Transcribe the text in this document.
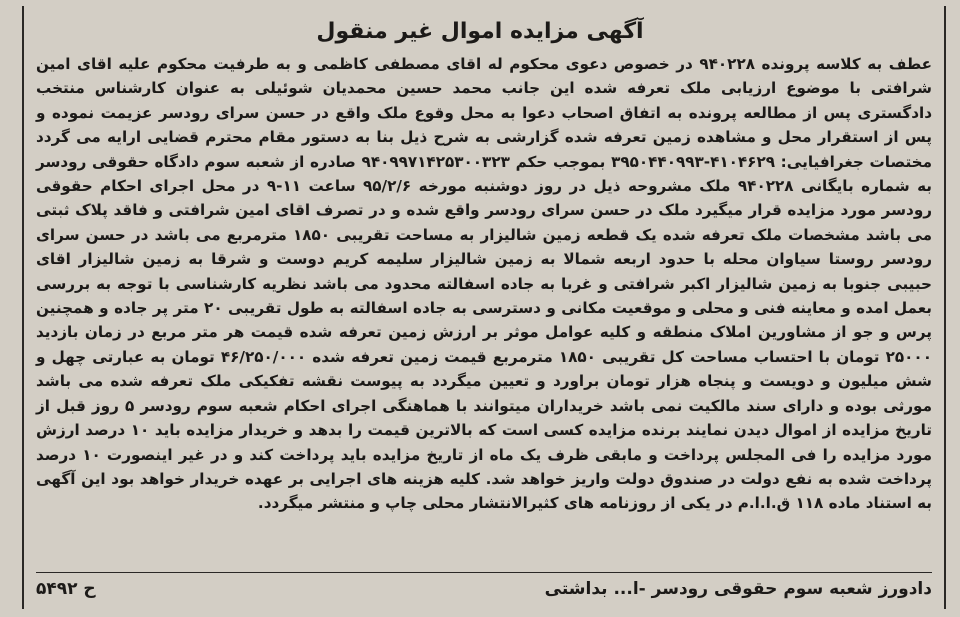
آگهی مزایده اموال غیر منقول
عطف به کلاسه پرونده ۹۴۰۲۲۸ در خصوص دعوی محکوم له اقای مصطفی کاظمی و به طرفیت محکوم علیه اقای امین شرافتی با موضوع ارزیابی ملک تعرفه شده این جانب محمد حسین محمدیان شوئیلی به عنوان کارشناس منتخب دادگستری پس از مطالعه پرونده به اتفاق اصحاب دعوا به محل وقوع ملک واقع در حسن سرای رودسر عزیمت نموده و پس از استقرار محل و مشاهده زمین تعرفه شده گزارشی به شرح ذیل بنا به دستور مقام محترم قضایی ارایه می گردد مختصات جغرافیایی: ۴۱۰۴۶۲۹-۳۹۵۰۴۴۰۹۹۳ بموجب حکم ۹۴۰۹۹۷۱۴۲۵۳۰۰۳۲۳ صادره از شعبه سوم دادگاه حقوقی رودسر به شماره بایگانی ۹۴۰۲۲۸ ملک مشروحه ذیل در روز دوشنبه مورخه ۹۵/۲/۶ ساعت ۱۱-۹ در محل اجرای احکام حقوقی رودسر مورد مزایده قرار میگیرد ملک در حسن سرای رودسر واقع شده و در تصرف اقای امین شرافتی و فاقد پلاک ثبتی می باشد مشخصات ملک تعرفه شده یک قطعه زمین شالیزار به مساحت تقریبی ۱۸۵۰ مترمربع می باشد در حسن سرای رودسر روستا سیاوان محله با حدود اربعه شمالا به زمین شالیزار سلیمه کریم دوست و شرقا به زمین شالیزار اقای حبیبی جنوبا به زمین شالیزار اکبر شرافتی و غربا به جاده اسفالته محدود می باشد نظریه کارشناسی با توجه به بررسی بعمل امده و معاینه فنی و محلی و موقعیت مکانی و دسترسی به جاده اسفالته به طول تقریبی ۲۰ متر پر جاده و همچنین پرس و جو از مشاورین املاک منطقه و کلیه عوامل موثر بر ارزش زمین تعرفه شده قیمت هر متر مربع در زمان بازدید ۲۵۰۰۰ تومان با احتساب مساحت کل تقریبی ۱۸۵۰ مترمربع قیمت زمین تعرفه شده ۴۶/۲۵۰/۰۰۰ تومان به عبارتی چهل و شش میلیون و دویست و پنجاه هزار تومان براورد و تعیین میگردد به پیوست نقشه تفکیکی ملک تعرفه شده می باشد مورثی بوده و دارای سند مالکیت نمی باشد خریداران میتوانند با هماهنگی اجرای احکام شعبه سوم رودسر ۵ روز قبل از تاریخ مزایده از اموال دیدن نمایند برنده مزایده کسی است که بالاترین قیمت را بدهد و خریدار مزایده باید ۱۰ درصد ارزش مورد مزایده را فی المجلس پرداخت و مابقی ظرف یک ماه از تاریخ مزایده باید پرداخت کند و در غیر اینصورت ۱۰ درصد پرداخت شده به نفع دولت در صندوق دولت واریز خواهد شد. کلیه هزینه های اجرایی بر عهده خریدار خواهد بود این آگهی به استناد ماده ۱۱۸ ق.ا.ا.م در یکی از روزنامه های کثیرالانتشار محلی چاپ و منتشر میگردد.
ح ۵۴۹۲	دادورز شعبه سوم حقوقی رودسر -ا... بداشتی
